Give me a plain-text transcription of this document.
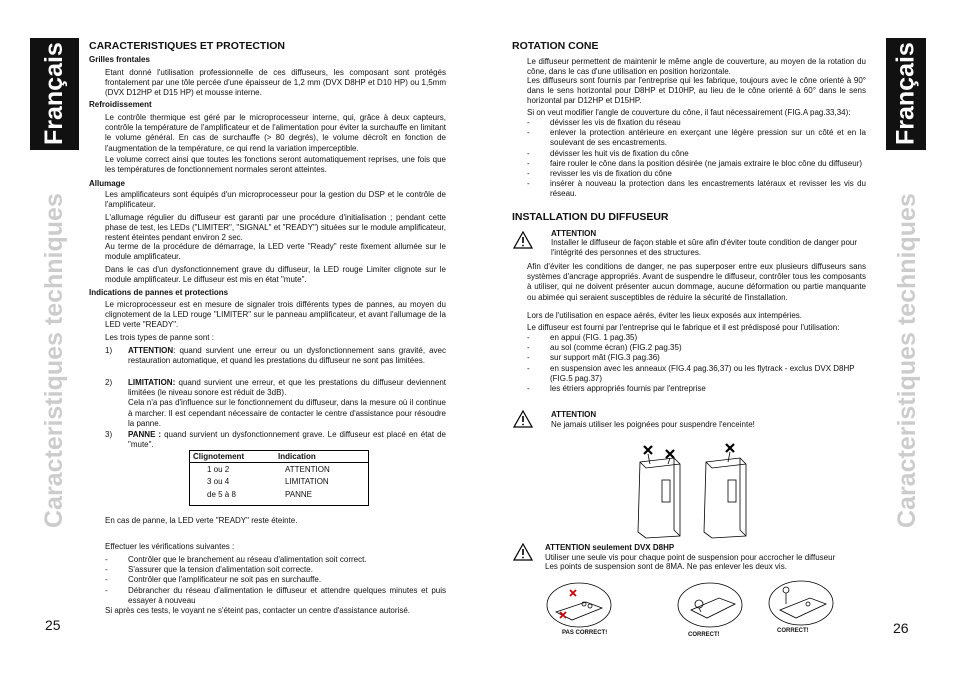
Français
Caracteristiques techniques
25
CARACTERISTIQUES ET PROTECTION
Grilles frontales
Etant donné l'utilisation professionnelle de ces diffuseurs, les composant sont protégés frontalement par une tôle percée d'une épaisseur de 1,2 mm (DVX D8HP et D10 HP) ou 1,5mm (DVX D12HP et D15 HP) et mousse interne.
Refroidissement
Le contrôle thermique est géré par le microprocesseur interne, qui, grâce à deux capteurs, contrôle la température de l'amplificateur et de l'alimentation pour éviter la surchauffe en limitant le volume général. En cas de surchauffe (> 80 degrés), le volume décroît en fonction de l'augmentation de la température, ce qui rend la variation imperceptible.
Le volume correct ainsi que toutes les fonctions seront automatiquement reprises, une fois que les températures de fonctionnement normales seront atteintes.
Allumage
Les amplificateurs sont équipés d'un microprocesseur pour la gestion du DSP et le contrôle de l'amplificateur.
L'allumage régulier du diffuseur est garanti par une procédure d'initialisation ; pendant cette phase de test, les LEDs ("LIMITER", "SIGNAL" et "READY") situées sur le module amplificateur, restent éteintes pendant environ 2 sec.
Au terme de la procédure de démarrage, la LED verte "Ready" reste fixement allumée sur le module amplificateur.
Dans le cas d'un dysfonctionnement grave du diffuseur, la LED rouge Limiter clignote sur le module amplificateur. Le diffuseur est mis en état "mute".
Indications de pannes et protections
Le microprocesseur est en mesure de signaler trois différents types de pannes, au moyen du clignotement de la LED rouge "LIMITER" sur le panneau amplificateur, et avant l'allumage de la LED verte "READY".
Les trois types de panne sont :
1) ATTENTION: quand survient une erreur ou un dysfonctionnement sans gravité, avec restauration automatique, et quand les prestations du diffuseur ne sont pas limitées.
2) LIMITATION: quand survient une erreur, et que les prestations du diffuseur deviennent limitées (le niveau sonore est réduit de 3dB).
Cela n'a pas d'influence sur le fonctionnement du diffuseur, dans la mesure où il continue à marcher. Il est cependant nécessaire de contacter le centre d'assistance pour résoudre la panne.
3) PANNE : quand survient un dysfonctionnement grave. Le diffuseur est placé en état de "mute".
Clignotement	Indication
1 ou 2	ATTENTION
3 ou 4	LIMITATION
de 5 à 8	PANNE
En cas de panne, la LED verte "READY" reste éteinte.
Effectuer les vérifications suivantes :
-	Contrôler que le branchement au réseau d'alimentation soit correct.
-	S'assurer que la tension d'alimentation soit correcte.
-	Contrôler que l'amplificateur ne soit pas en surchauffe.
-	Débrancher du réseau d'alimentation le diffuseur et attendre quelques minutes et puis essayer à nouveau
Si après ces tests, le voyant ne s'éteint pas, contacter un centre d'assistance autorisé.
Français
Caracteristiques techniques
26
ROTATION CONE
Le diffuseur permettent de maintenir le même angle de couverture, au moyen de la rotation du cône, dans le cas d'une utilisation en position horizontale.
Les diffuseurs sont fournis par l'entreprise qui les fabrique, toujours avec le cône orienté à 90° dans le sens horizontal pour D8HP et D10HP, au lieu de le cône orienté à 60° dans le sens horizontal par D12HP et D15HP.
Si on veut modifier l'angle de couverture du cône, il faut nécessairement (FIG.A pag.33,34):
-	dévisser les vis de fixation du réseau
-	enlever la protection antérieure en exerçant une légère pression sur un côté et en la soulevant de ses encastrements.
-	dévisser les huit vis de fixation du cône
-	faire rouler le cône dans la position désirée (ne jamais extraire le bloc cône du diffuseur)
-	revisser les vis de fixation du cône
-	insérer à nouveau la protection dans les encastrements latéraux et revisser les vis du réseau.
INSTALLATION DU DIFFUSEUR
ATTENTION
Installer le diffuseur de façon stable et sûre afin d'éviter toute condition de danger pour l'intégrité des personnes et des structures.
Afin d'éviter les conditions de danger, ne pas superposer entre eux plusieurs diffuseurs sans systèmes d'ancrage appropriés. Avant de suspendre le diffuseur, contrôler tous les composants à utiliser, qui ne doivent présenter aucun dommage, aucune déformation ou partie manquante ou abimée qui seraient susceptibles de réduire la sécurité de l'installation.
Lors de l'utilisation en espace aérés, éviter les lieux exposés aux intempéries.
Le diffuseur est fourni par l'entreprise qui le fabrique et il est prédisposé pour l'utilisation:
-	en appui (FIG. 1 pag.35)
-	au sol (comme écran) (FIG.2 pag.35)
-	sur support mât (FIG.3 pag.36)
-	en suspension avec les anneaux (FIG.4 pag.36,37) ou les flytrack - exclus DVX D8HP (FIG.5 pag.37)
-	les étriers appropriés fournis par l'entreprise
ATTENTION
Ne jamais utiliser les poignées pour suspendre l'enceinte!
ATTENTION seulement DVX D8HP
Utiliser une seule vis pour chaque point de suspension pour accrocher le diffuseur
Les points de suspension sont de 8MA. Ne pas enlever les deux vis.
PAS CORRECT!	CORRECT!
CORRECT!
